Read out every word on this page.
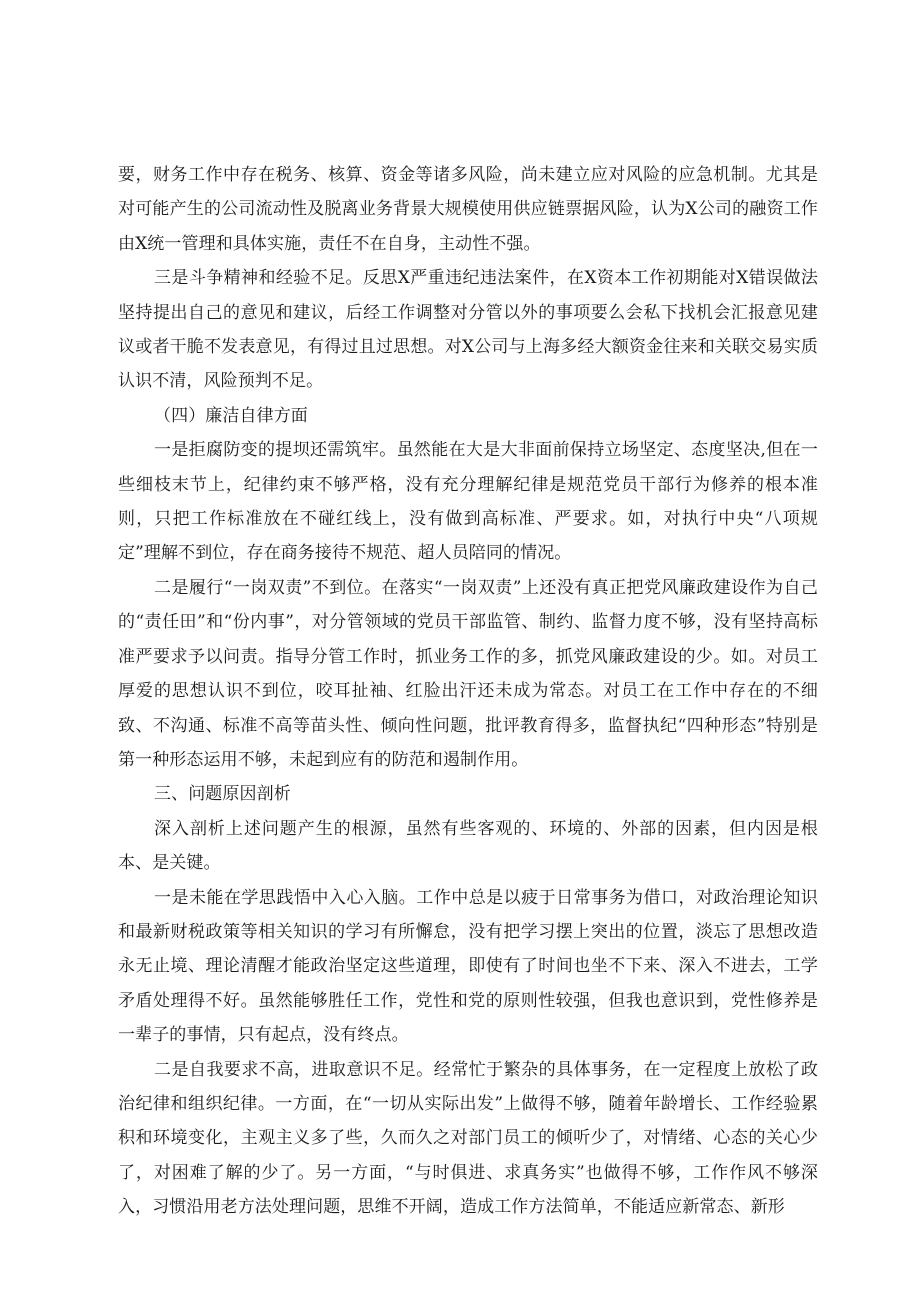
要，财务工作中存在税务、核算、资金等诸多风险，尚未建立应对风险的应急机制。尤其是对可能产生的公司流动性及脱离业务背景大规模使用供应链票据风险，认为X公司的融资工作由X统一管理和具体实施，责任不在自身，主动性不强。

三是斗争精神和经验不足。反思X严重违纪违法案件，在X资本工作初期能对X错误做法坚持提出自己的意见和建议，后经工作调整对分管以外的事项要么会私下找机会汇报意见建议或者干脆不发表意见，有得过且过思想。对X公司与上海多经大额资金往来和关联交易实质认识不清，风险预判不足。

（四）廉洁自律方面

一是拒腐防变的提坝还需筑牢。虽然能在大是大非面前保持立场坚定、态度坚决,但在一些细枝末节上，纪律约束不够严格，没有充分理解纪律是规范党员干部行为修养的根本准则，只把工作标准放在不碰红线上，没有做到高标准、严要求。如，对执行中央“八项规定”理解不到位，存在商务接待不规范、超人员陪同的情况。

二是履行“一岗双责”不到位。在落实“一岗双责”上还没有真正把党风廉政建设作为自己的“责任田”和“份内事”，对分管领域的党员干部监管、制约、监督力度不够，没有坚持高标准严要求予以问责。指导分管工作时，抓业务工作的多，抓党风廉政建设的少。如。对员工厚爱的思想认识不到位，咬耳扯袖、红脸出汗还未成为常态。对员工在工作中存在的不细致、不沟通、标准不高等苗头性、倾向性问题，批评教育得多，监督执纪“四种形态”特别是第一种形态运用不够，未起到应有的防范和遏制作用。

三、问题原因剖析

深入剖析上述问题产生的根源，虽然有些客观的、环境的、外部的因素，但内因是根本、是关键。

一是未能在学思践悟中入心入脑。工作中总是以疲于日常事务为借口，对政治理论知识和最新财税政策等相关知识的学习有所懈怠，没有把学习摆上突出的位置，淡忘了思想改造永无止境、理论清醒才能政治坚定这些道理，即使有了时间也坐不下来、深入不进去，工学矛盾处理得不好。虽然能够胜任工作，党性和党的原则性较强，但我也意识到，党性修养是一辈子的事情，只有起点，没有终点。

二是自我要求不高，进取意识不足。经常忙于繁杂的具体事务，在一定程度上放松了政治纪律和组织纪律。一方面，在“一切从实际出发”上做得不够，随着年龄增长、工作经验累积和环境变化，主观主义多了些，久而久之对部门员工的倾听少了，对情绪、心态的关心少了，对困难了解的少了。另一方面，“与时俱进、求真务实”也做得不够，工作作风不够深入，习惯沿用老方法处理问题，思维不开阔，造成工作方法简单，不能适应新常态、新形
